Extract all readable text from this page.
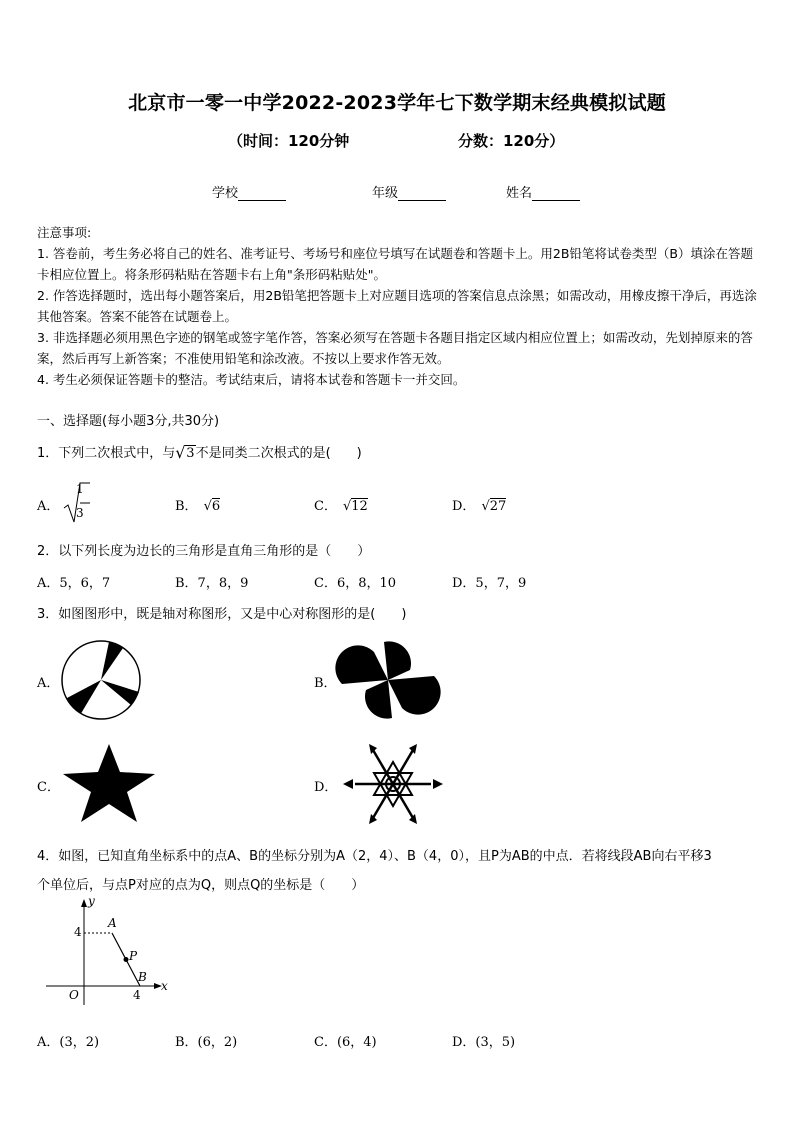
北京市一零一中学2022-2023学年七下数学期末经典模拟试题
（时间：120分钟	分数：120分）
学校	年级	姓名
注意事项:
1. 答卷前，考生务必将自己的姓名、准考证号、考场号和座位号填写在试题卷和答题卡上。用2B铅笔将试卷类型（B）填涂在答题卡相应位置上。将条形码粘贴在答题卡右上角"条形码粘贴处"。
2. 作答选择题时，选出每小题答案后，用2B铅笔把答题卡上对应题目选项的答案信息点涂黑；如需改动，用橡皮擦干净后，再选涂其他答案。答案不能答在试题卷上。
3. 非选择题必须用黑色字迹的钢笔或签字笔作答，答案必须写在答题卡各题目指定区域内相应位置上；如需改动，先划掉原来的答案，然后再写上新答案；不准使用铅笔和涂改液。不按以上要求作答无效。
4. 考生必须保证答题卡的整洁。考试结束后，请将本试卷和答题卡一并交回。
一、选择题(每小题3分,共30分)
1．下列二次根式中，与 √ 3不是同类二次根式的是(　　)
A．
1
3	B． √6	C． √12	D． √27
2．以下列长度为边长的三角形是直角三角形的是（　　）
A．5，6，7	B．7，8，9	C．6，8，10	D．5，7，9
3．如图图形中，既是轴对称图形，又是中心对称图形的是(　　)
A．	B．
C．	D．
4．如图，已知直角坐标系中的点A、B的坐标分别为A（2，4）、B（4，0），且P为AB的中点．若将线段AB向右平移3
个单位后，与点P对应的点为Q，则点Q的坐标是（　　）
y
x
A
P
B
O
4
4
A．(3，2)	B．(6，2)	C．(6，4)	D．(3，5)
